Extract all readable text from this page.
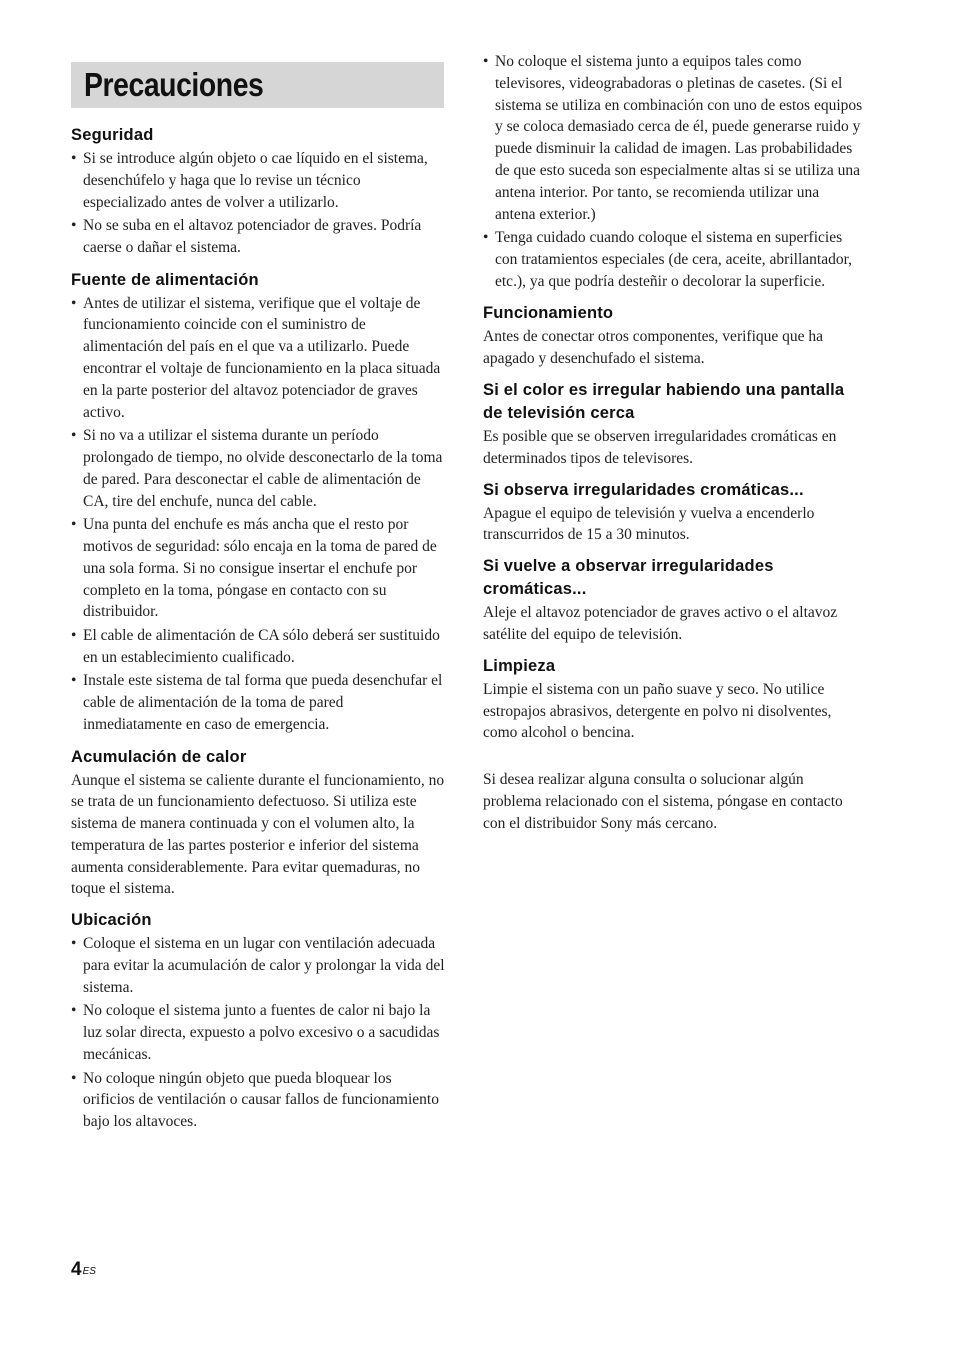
Precauciones
Seguridad
• Si se introduce algún objeto o cae líquido en el sistema, desenchúfelo y haga que lo revise un técnico especializado antes de volver a utilizarlo.
• No se suba en el altavoz potenciador de graves. Podría caerse o dañar el sistema.
Fuente de alimentación
• Antes de utilizar el sistema, verifique que el voltaje de funcionamiento coincide con el suministro de alimentación del país en el que va a utilizarlo. Puede encontrar el voltaje de funcionamiento en la placa situada en la parte posterior del altavoz potenciador de graves activo.
• Si no va a utilizar el sistema durante un período prolongado de tiempo, no olvide desconectarlo de la toma de pared. Para desconectar el cable de alimentación de CA, tire del enchufe, nunca del cable.
• Una punta del enchufe es más ancha que el resto por motivos de seguridad: sólo encaja en la toma de pared de una sola forma. Si no consigue insertar el enchufe por completo en la toma, póngase en contacto con su distribuidor.
• El cable de alimentación de CA sólo deberá ser sustituido en un establecimiento cualificado.
• Instale este sistema de tal forma que pueda desenchufar el cable de alimentación de la toma de pared inmediatamente en caso de emergencia.
Acumulación de calor

Aunque el sistema se caliente durante el funcionamiento, no se trata de un funcionamiento defectuoso. Si utiliza este sistema de manera continuada y con el volumen alto, la temperatura de las partes posterior e inferior del sistema aumenta considerablemente. Para evitar quemaduras, no toque el sistema.

Ubicación
• Coloque el sistema en un lugar con ventilación adecuada para evitar la acumulación de calor y prolongar la vida del sistema.
• No coloque el sistema junto a fuentes de calor ni bajo la luz solar directa, expuesto a polvo excesivo o a sacudidas mecánicas.
• No coloque ningún objeto que pueda bloquear los orificios de ventilación o causar fallos de funcionamiento bajo los altavoces.
• No coloque el sistema junto a equipos tales como televisores, videograbadoras o pletinas de casetes. (Si el sistema se utiliza en combinación con uno de estos equipos y se coloca demasiado cerca de él, puede generarse ruido y puede disminuir la calidad de imagen. Las probabilidades de que esto suceda son especialmente altas si se utiliza una antena interior. Por tanto, se recomienda utilizar una antena exterior.)
• Tenga cuidado cuando coloque el sistema en superficies con tratamientos especiales (de cera, aceite, abrillantador, etc.), ya que podría desteñir o decolorar la superficie.
Funcionamiento

Antes de conectar otros componentes, verifique que ha apagado y desenchufado el sistema.

Si el color es irregular habiendo una pantalla de televisión cerca

Es posible que se observen irregularidades cromáticas en determinados tipos de televisores.

Si observa irregularidades cromáticas...

Apague el equipo de televisión y vuelva a encenderlo transcurridos de 15 a 30 minutos.

Si vuelve a observar irregularidades cromáticas...

Aleje el altavoz potenciador de graves activo o el altavoz satélite del equipo de televisión.

Limpieza

Limpie el sistema con un paño suave y seco. No utilice estropajos abrasivos, detergente en polvo ni disolventes, como alcohol o bencina.

Si desea realizar alguna consulta o solucionar algún problema relacionado con el sistema, póngase en contacto con el distribuidor Sony más cercano.

$4^{ES}$
